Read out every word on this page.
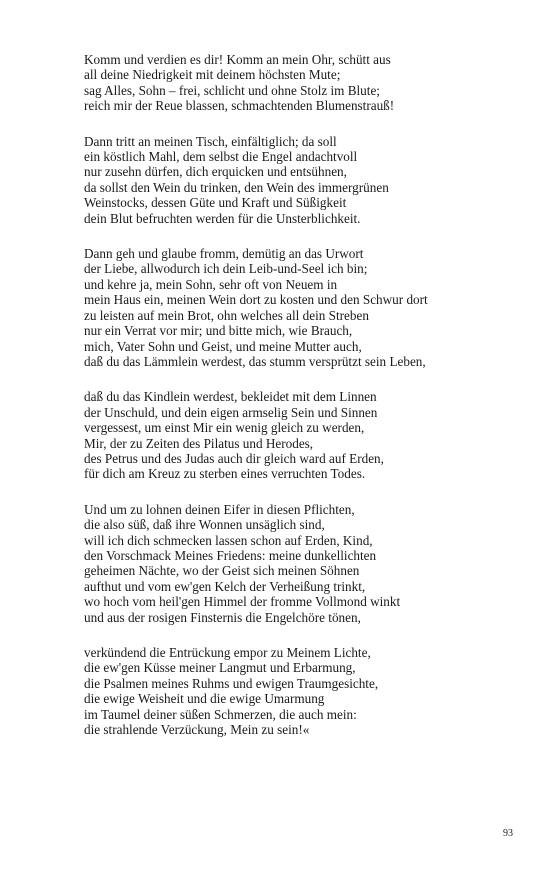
Komm und verdien es dir! Komm an mein Ohr, schütt aus
all deine Niedrigkeit mit deinem höchsten Mute;
sag Alles, Sohn – frei, schlicht und ohne Stolz im Blute;
reich mir der Reue blassen, schmachtenden Blumenstrauß!
Dann tritt an meinen Tisch, einfältiglich; da soll
ein köstlich Mahl, dem selbst die Engel andachtvoll
nur zusehn dürfen, dich erquicken und entsühnen,
da sollst den Wein du trinken, den Wein des immergrünen
Weinstocks, dessen Güte und Kraft und Süßigkeit
dein Blut befruchten werden für die Unsterblichkeit.
Dann geh und glaube fromm, demütig an das Urwort
der Liebe, allwodurch ich dein Leib-und-Seel ich bin;
und kehre ja, mein Sohn, sehr oft von Neuem in
mein Haus ein, meinen Wein dort zu kosten und den Schwur dort
zu leisten auf mein Brot, ohn welches all dein Streben
nur ein Verrat vor mir; und bitte mich, wie Brauch,
mich, Vater Sohn und Geist, und meine Mutter auch,
daß du das Lämmlein werdest, das stumm versprützt sein Leben,
daß du das Kindlein werdest, bekleidet mit dem Linnen
der Unschuld, und dein eigen armselig Sein und Sinnen
vergessest, um einst Mir ein wenig gleich zu werden,
Mir, der zu Zeiten des Pilatus und Herodes,
des Petrus und des Judas auch dir gleich ward auf Erden,
für dich am Kreuz zu sterben eines verruchten Todes.
Und um zu lohnen deinen Eifer in diesen Pflichten,
die also süß, daß ihre Wonnen unsäglich sind,
will ich dich schmecken lassen schon auf Erden, Kind,
den Vorschmack Meines Friedens: meine dunkellichten
geheimen Nächte, wo der Geist sich meinen Söhnen
aufthut und vom ew'gen Kelch der Verheißung trinkt,
wo hoch vom heil'gen Himmel der fromme Vollmond winkt
und aus der rosigen Finsternis die Engelchöre tönen,
verkündend die Entrückung empor zu Meinem Lichte,
die ew'gen Küsse meiner Langmut und Erbarmung,
die Psalmen meines Ruhms und ewigen Traumgesichte,
die ewige Weisheit und die ewige Umarmung
im Taumel deiner süßen Schmerzen, die auch mein:
die strahlende Verzückung, Mein zu sein!«
93
